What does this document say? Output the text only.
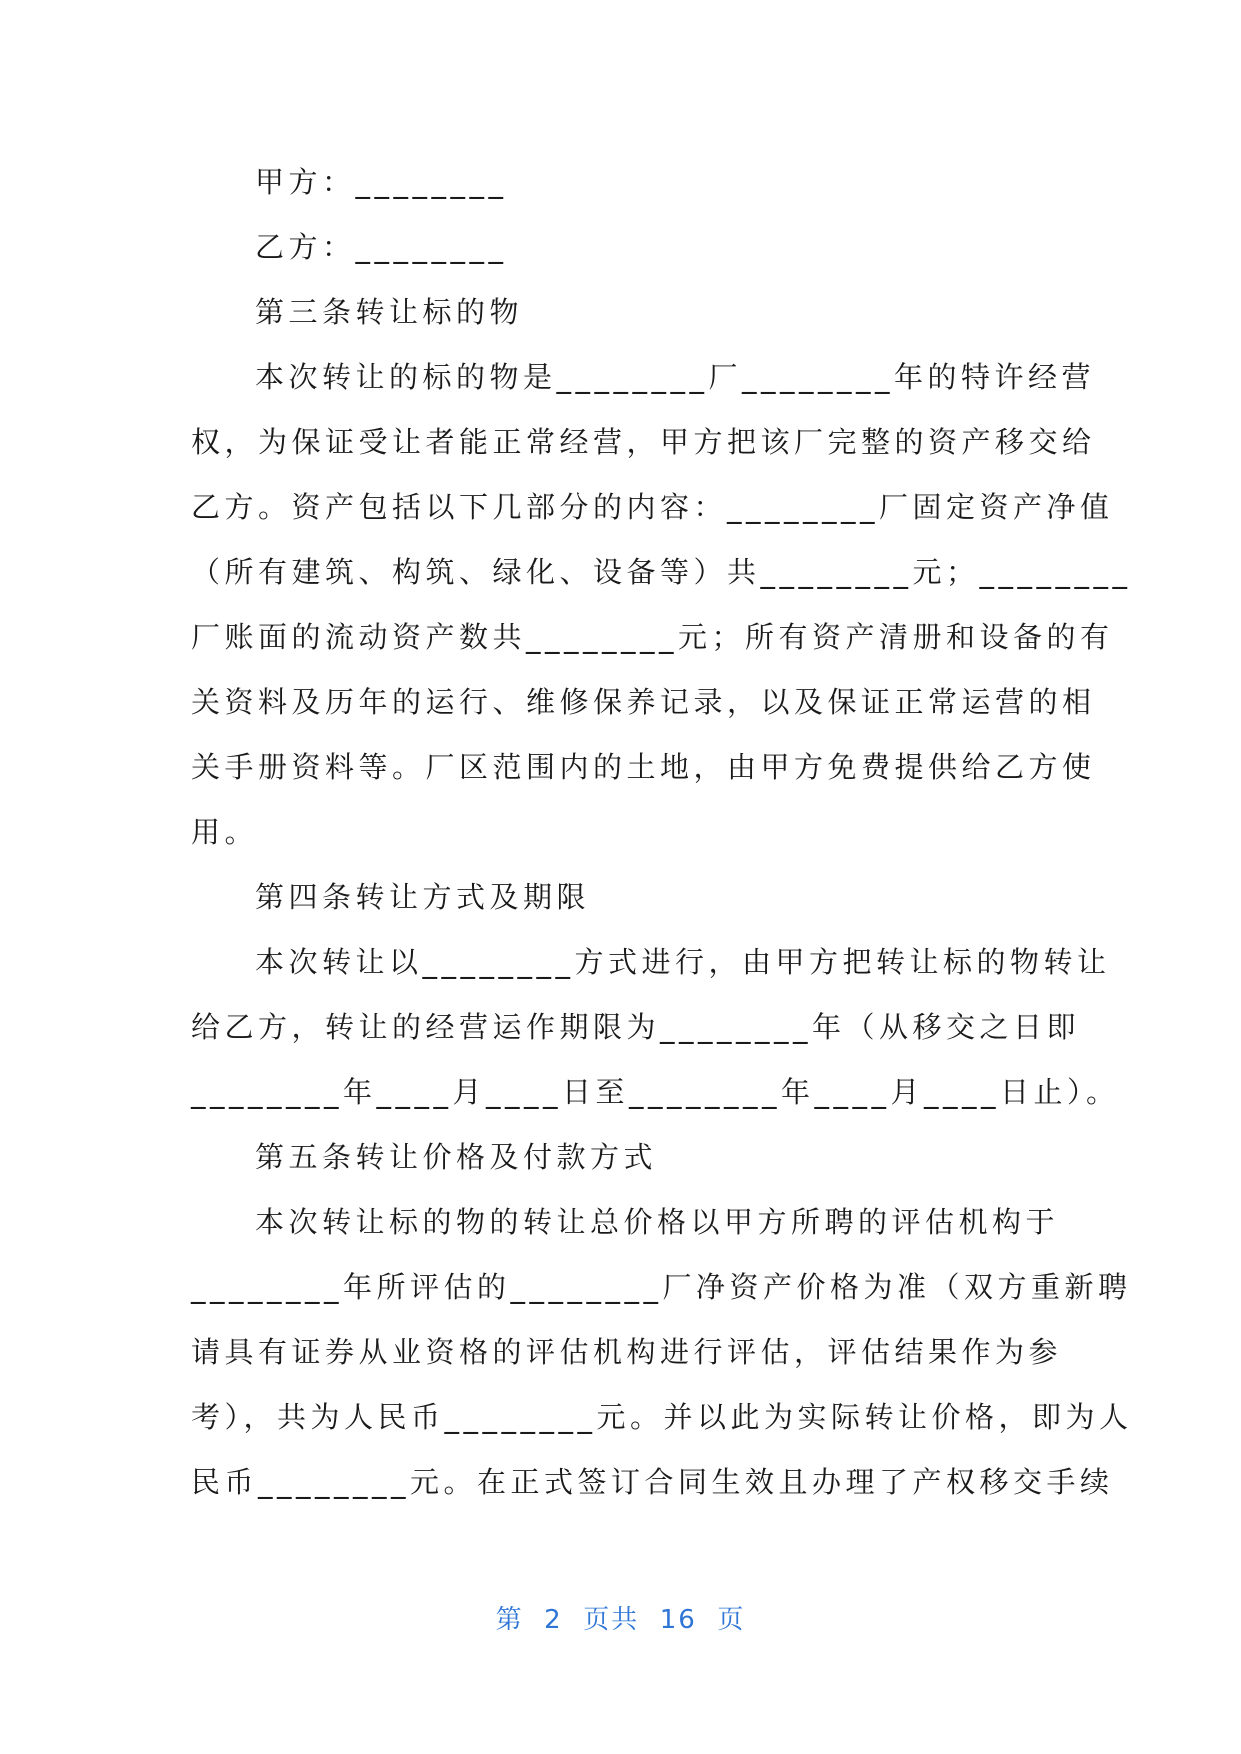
甲方：________
乙方：________
第三条转让标的物
本次转让的标的物是________厂________年的特许经营
权，为保证受让者能正常经营，甲方把该厂完整的资产移交给
乙方。资产包括以下几部分的内容：________厂固定资产净值
（所有建筑、构筑、绿化、设备等）共________元；________
厂账面的流动资产数共________元；所有资产清册和设备的有
关资料及历年的运行、维修保养记录，以及保证正常运营的相
关手册资料等。厂区范围内的土地，由甲方免费提供给乙方使
用。
第四条转让方式及期限
本次转让以________方式进行，由甲方把转让标的物转让
给乙方，转让的经营运作期限为________年（从移交之日即
________年____月____日至________年____月____日止）。
第五条转让价格及付款方式
本次转让标的物的转让总价格以甲方所聘的评估机构于
________年所评估的________厂净资产价格为准（双方重新聘
请具有证券从业资格的评估机构进行评估，评估结果作为参
考），共为人民币________元。并以此为实际转让价格，即为人
民币________元。在正式签订合同生效且办理了产权移交手续
第  2  页共  16  页
